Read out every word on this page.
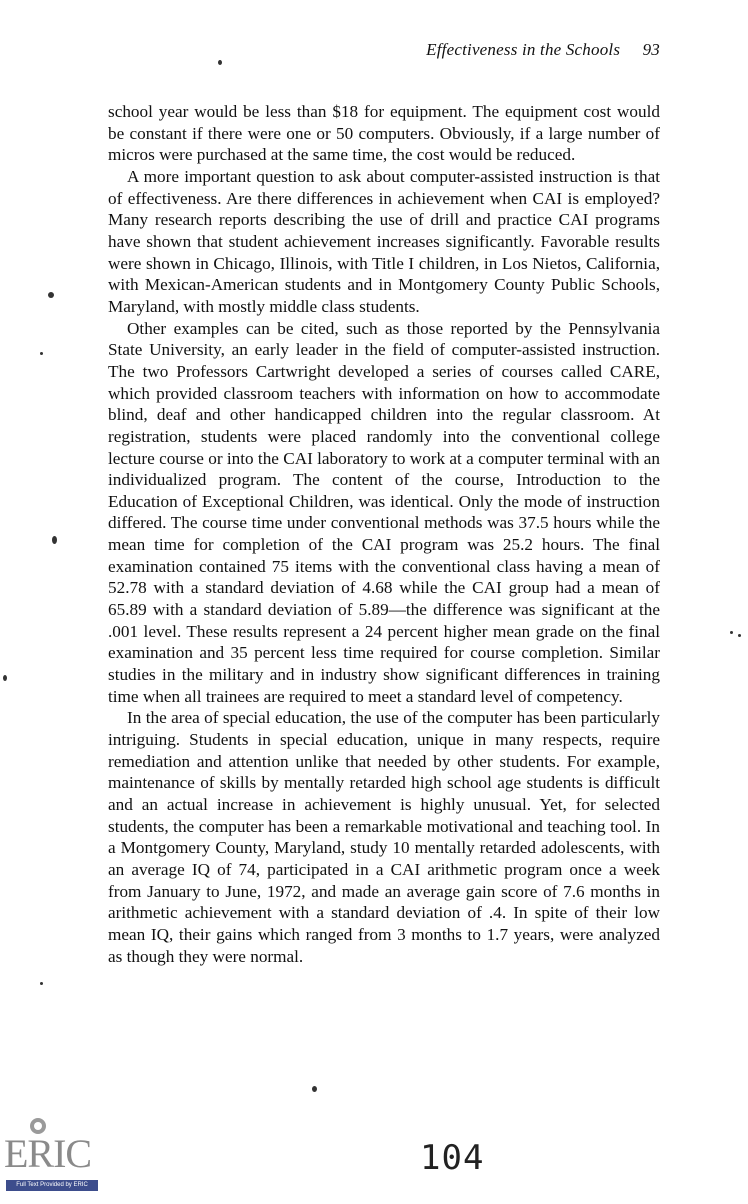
Effectiveness in the Schools 93

school year would be less than $18 for equipment. The equipment cost would be constant if there were one or 50 computers. Obviously, if a large number of micros were purchased at the same time, the cost would be reduced.

A more important question to ask about computer-assisted instruction is that of effectiveness. Are there differences in achievement when CAI is employed? Many research reports describing the use of drill and practice CAI programs have shown that student achievement increases significantly. Favorable results were shown in Chicago, Illinois, with Title I children, in Los Nietos, California, with Mexican-American students and in Montgomery County Public Schools, Maryland, with mostly middle class students.

Other examples can be cited, such as those reported by the Pennsylvania State University, an early leader in the field of computer-assisted instruction. The two Professors Cartwright developed a series of courses called CARE, which provided classroom teachers with information on how to accommodate blind, deaf and other handicapped children into the regular classroom. At registration, students were placed randomly into the conventional college lecture course or into the CAI laboratory to work at a computer terminal with an individualized program. The content of the course, Introduction to the Education of Exceptional Children, was identical. Only the mode of instruction differed. The course time under conventional methods was 37.5 hours while the mean time for completion of the CAI program was 25.2 hours. The final examination contained 75 items with the conventional class having a mean of 52.78 with a standard deviation of 4.68 while the CAI group had a mean of 65.89 with a standard deviation of 5.89—the difference was significant at the .001 level. These results represent a 24 percent higher mean grade on the final examination and 35 percent less time required for course completion. Similar studies in the military and in industry show significant differences in training time when all trainees are required to meet a standard level of competency.

In the area of special education, the use of the computer has been particularly intriguing. Students in special education, unique in many respects, require remediation and attention unlike that needed by other students. For example, maintenance of skills by mentally retarded high school age students is difficult and an actual increase in achievement is highly unusual. Yet, for selected students, the computer has been a remarkable motivational and teaching tool. In a Montgomery County, Maryland, study 10 mentally retarded adolescents, with an average IQ of 74, participated in a CAI arithmetic program once a week from January to June, 1972, and made an average gain score of 7.6 months in arithmetic achievement with a standard deviation of .4. In spite of their low mean IQ, their gains which ranged from 3 months to 1.7 years, were analyzed as though they were normal.

104
ERIC
Full Text Provided by ERIC
